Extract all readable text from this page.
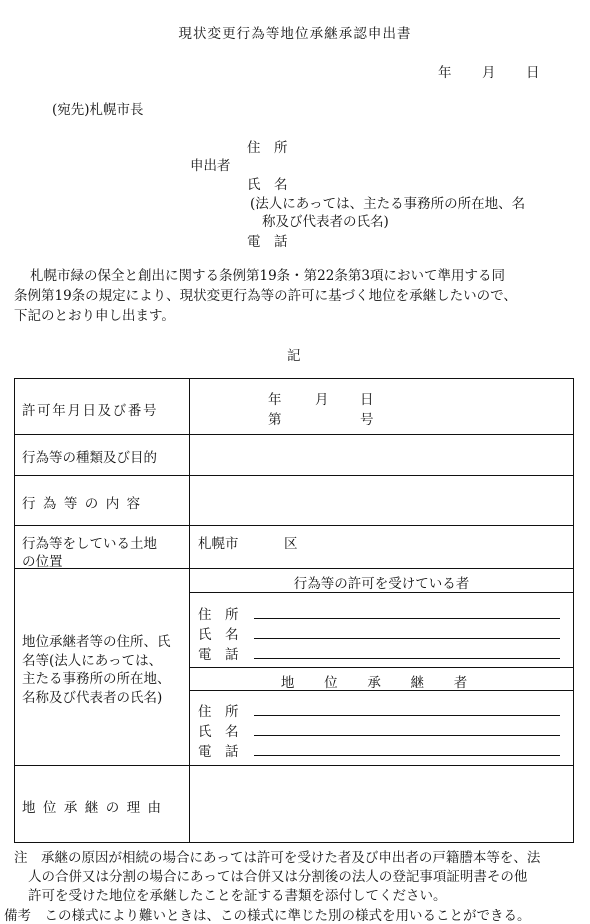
現状変更行為等地位承継承認申出書
年 月 日
(宛先)札幌市長
住　所
申出者
氏　名
(法人にあっては、主たる事務所の所在地、名
称及び代表者の氏名)
電　話
札幌市緑の保全と創出に関する条例第19条・第22条第3項において準用する同
条例第19条の規定により、現状変更行為等の許可に基づく地位を承継したいので、
下記のとおり申し出ます。
記
許可年月日及び番号
年 月 日
第	号
行為等の種類及び目的
行為等の内容
行為等をしている土地
の位置
札幌市	区
地位承継者等の住所、氏
名等(法人にあっては、
主たる事務所の所在地、
名称及び代表者の氏名)
行為等の許可を受けている者
住　所
氏　名
電　話
地位承継者
住　所
氏　名
電　話
地位承継の理由
注　承継の原因が相続の場合にあっては許可を受けた者及び申出者の戸籍謄本等を、法
人の合併又は分割の場合にあっては合併又は分割後の法人の登記事項証明書その他
許可を受けた地位を承継したことを証する書類を添付してください。
備考　この様式により難いときは、この様式に準じた別の様式を用いることができる。
